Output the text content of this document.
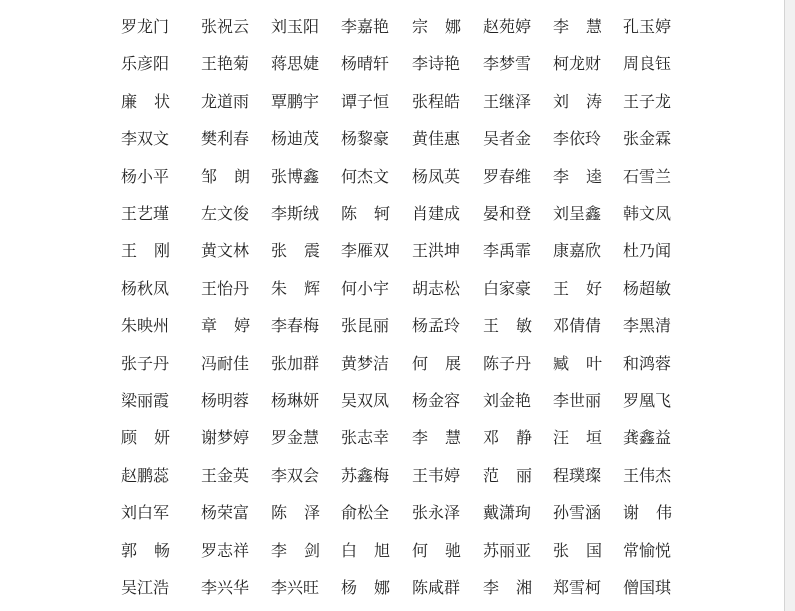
罗龙门 张祝云 刘玉阳 李嘉艳 宗娜 赵苑婷 李慧 孔玉婷
乐彦阳 王艳菊 蒋思婕 杨晴轩 李诗艳 李梦雪 柯龙财 周良钰
廉状 龙道雨 覃鹏宇 谭子恒 张程皓 王继泽 刘涛 王子龙
李双文 樊利春 杨迪茂 杨黎豪 黄佳惠 吴者金 李依玲 张金霖
杨小平 邹朗 张博鑫 何杰文 杨凤英 罗春维 李逵 石雪兰
王艺瑾 左文俊 李斯绒 陈轲 肖建成 晏和登 刘呈鑫 韩文凤
王刚 黄文林 张震 李雁双 王洪坤 李禹霏 康嘉欣 杜乃闻
杨秋凤 王怡丹 朱辉 何小宇 胡志松 白家豪 王好 杨超敏
朱映州 章婷 李春梅 张昆丽 杨孟玲 王敏 邓倩倩 李黑清
张子丹 冯耐佳 张加群 黄梦洁 何展 陈子丹 臧叶 和鸿蓉
梁丽霞 杨明蓉 杨琳妍 吴双凤 杨金容 刘金艳 李世丽 罗凰飞
顾妍 谢梦婷 罗金慧 张志幸 李慧 邓静 汪垣 龚鑫益
赵鹏蕊 王金英 李双会 苏鑫梅 王韦婷 范丽 程璞璨 王伟杰
刘白军 杨荣富 陈泽 俞松全 张永泽 戴潇珣 孙雪涵 谢伟
郭畅 罗志祥 李剑 白旭 何驰 苏丽亚 张国 常愉悦
吴江浩 李兴华 李兴旺 杨娜 陈咸群 李湘 郑雪柯 僧国琪
